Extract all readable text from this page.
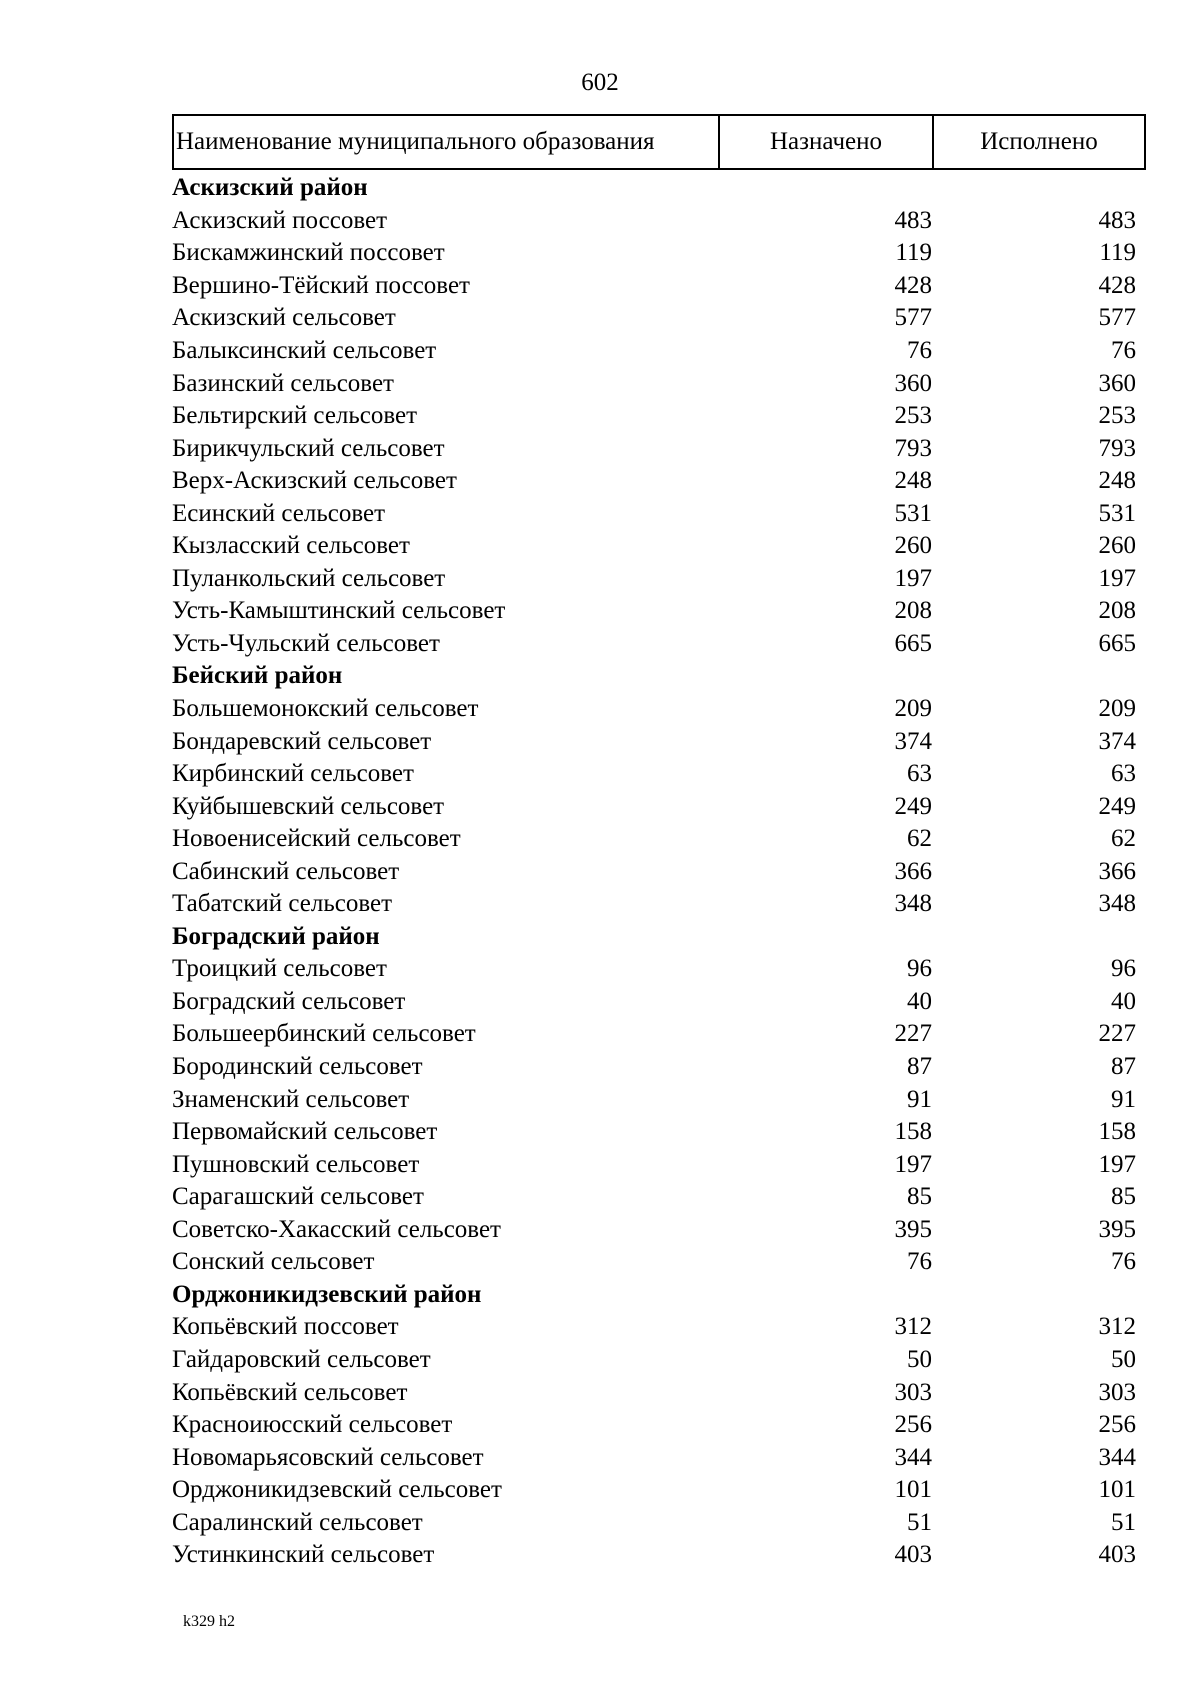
602
Наименование муниципального образования	Назначено	Исполнено
Аскизский район
Аскизский поссовет	483	483
Бискамжинский поссовет	119	119
Вершино-Тёйский поссовет	428	428
Аскизский сельсовет	577	577
Балыксинский сельсовет	76	76
Базинский сельсовет	360	360
Бельтирский сельсовет	253	253
Бирикчульский сельсовет	793	793
Верх-Аскизский сельсовет	248	248
Есинский сельсовет	531	531
Кызласский сельсовет	260	260
Пуланкольский сельсовет	197	197
Усть-Камыштинский сельсовет	208	208
Усть-Чульский сельсовет	665	665
Бейский район
Большемонокский сельсовет	209	209
Бондаревский сельсовет	374	374
Кирбинский сельсовет	63	63
Куйбышевский сельсовет	249	249
Новоенисейский сельсовет	62	62
Сабинский сельсовет	366	366
Табатский сельсовет	348	348
Боградский район
Троицкий сельсовет	96	96
Боградский сельсовет	40	40
Большеербинский сельсовет	227	227
Бородинский сельсовет	87	87
Знаменский сельсовет	91	91
Первомайский сельсовет	158	158
Пушновский сельсовет	197	197
Сарагашский сельсовет	85	85
Советско-Хакасский сельсовет	395	395
Сонский сельсовет	76	76
Орджоникидзевский район
Копьёвский поссовет	312	312
Гайдаровский сельсовет	50	50
Копьёвский сельсовет	303	303
Красноиюсский сельсовет	256	256
Новомарьясовский сельсовет	344	344
Орджоникидзевский сельсовет	101	101
Саралинский сельсовет	51	51
Устинкинский сельсовет	403	403
k329 h2
